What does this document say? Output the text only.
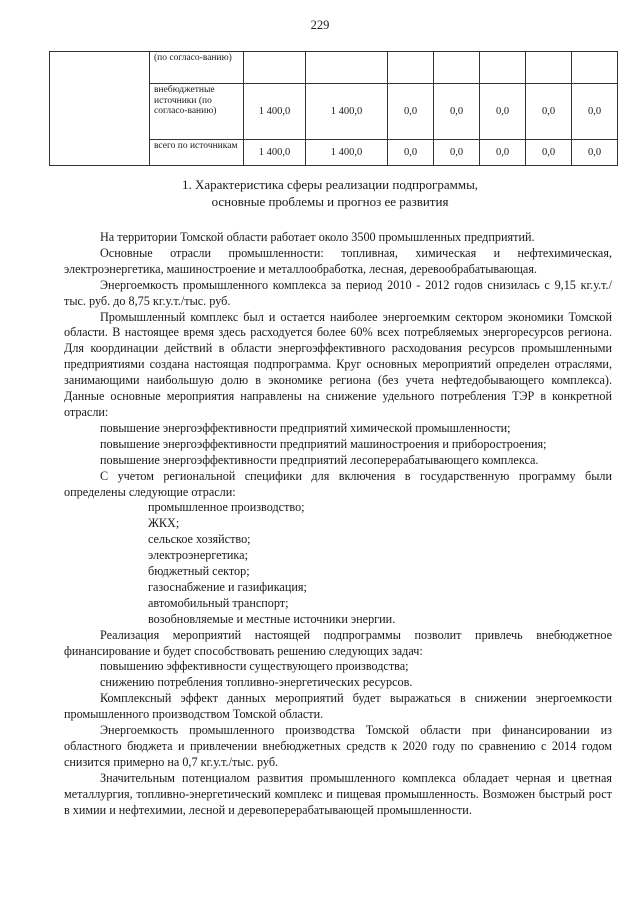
229
	(по согласо-ванию)							
	внебюджетные источники (по согласо-ванию)	1 400,0	1 400,0	0,0	0,0	0,0	0,0	0,0
	всего по источникам	1 400,0	1 400,0	0,0	0,0	0,0	0,0	0,0
1. Характеристика сферы реализации подпрограммы,
основные проблемы и прогноз ее развития

На территории Томской области работает около 3500 промышленных предприятий.

Основные отрасли промышленности: топливная, химическая и нефтехимическая, электроэнергетика, машиностроение и металлообработка, лесная, деревообрабатывающая.

Энергоемкость промышленного комплекса за период 2010 - 2012 годов снизилась с 9,15 кг.у.т./тыс. руб. до 8,75 кг.у.т./тыс. руб.

Промышленный комплекс был и остается наиболее энергоемким сектором экономики Томской области. В настоящее время здесь расходуется более 60% всех потребляемых энергоресурсов региона. Для координации действий в области энергоэффективного расходования ресурсов промышленными предприятиями создана настоящая подпрограмма. Круг основных мероприятий определен отраслями, занимающими наибольшую долю в экономике региона (без учета нефтедобывающего комплекса). Данные основные мероприятия направлены на снижение удельного потребления ТЭР в конкретной отрасли:

повышение энергоэффективности предприятий химической промышленности;

повышение энергоэффективности предприятий машиностроения и приборостроения;

повышение энергоэффективности предприятий лесоперерабатывающего комплекса.

С учетом региональной специфики для включения в государственную программу были определены следующие отрасли:

промышленное производство;

ЖКХ;

сельское хозяйство;

электроэнергетика;

бюджетный сектор;

газоснабжение и газификация;

автомобильный транспорт;

возобновляемые и местные источники энергии.

Реализация мероприятий настоящей подпрограммы позволит привлечь внебюджетное финансирование и будет способствовать решению следующих задач:

повышению эффективности существующего производства;

снижению потребления топливно-энергетических ресурсов.

Комплексный эффект данных мероприятий будет выражаться в снижении энергоемкости промышленного производством Томской области.

Энергоемкость промышленного производства Томской области при финансировании из областного бюджета и привлечении внебюджетных средств к 2020 году по сравнению с 2014 годом снизится примерно на 0,7 кг.у.т./тыс. руб.

Значительным потенциалом развития промышленного комплекса обладает черная и цветная металлургия, топливно-энергетический комплекс и пищевая промышленность. Возможен быстрый рост в химии и нефтехимии, лесной и деревоперерабатывающей промышленности.
